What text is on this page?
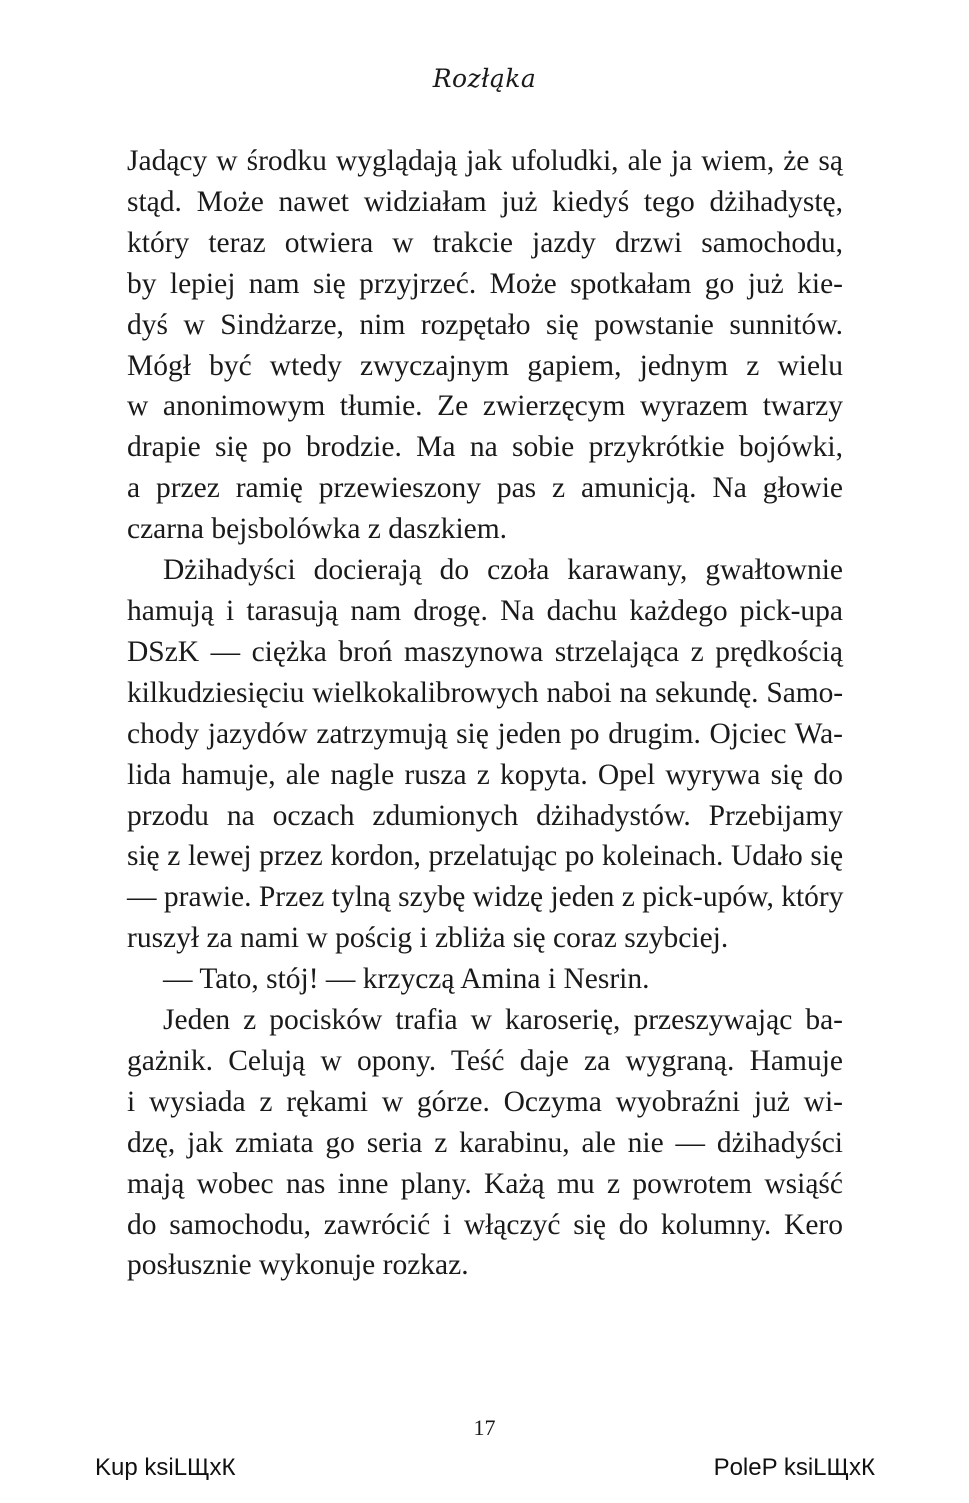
Rozłąka
Jadący w środku wyglądają jak ufoludki, ale ja wiem, że są
stąd. Może nawet widziałam już kiedyś tego dżihadystę,
który teraz otwiera w trakcie jazdy drzwi samochodu,
by lepiej nam się przyjrzeć. Może spotkałam go już kie-
dyś w Sindżarze, nim rozpętało się powstanie sunnitów.
Mógł być wtedy zwyczajnym gapiem, jednym z wielu
w anonimowym tłumie. Ze zwierzęcym wyrazem twarzy
drapie się po brodzie. Ma na sobie przykrótkie bojówki,
a przez ramię przewieszony pas z amunicją. Na głowie
czarna bejsbolówka z daszkiem.
Dżihadyści docierają do czoła karawany, gwałtownie
hamują i tarasują nam drogę. Na dachu każdego pick-upa
DSzK — ciężka broń maszynowa strzelająca z prędkością
kilkudziesięciu wielkokalibrowych naboi na sekundę. Samo-
chody jazydów zatrzymują się jeden po drugim. Ojciec Wa-
lida hamuje, ale nagle rusza z kopyta. Opel wyrywa się do
przodu na oczach zdumionych dżihadystów. Przebijamy
się z lewej przez kordon, przelatując po koleinach. Udało się
— prawie. Przez tylną szybę widzę jeden z pick-upów, który
ruszył za nami w pościg i zbliża się coraz szybciej.
— Tato, stój! — krzyczą Amina i Nesrin.
Jeden z pocisków trafia w karoserię, przeszywając ba-
gażnik. Celują w opony. Teść daje za wygraną. Hamuje
i wysiada z rękami w górze. Oczyma wyobraźni już wi-
dzę, jak zmiata go seria z karabinu, ale nie — dżihadyści
mają wobec nas inne plany. Każą mu z powrotem wsiąść
do samochodu, zawrócić i włączyć się do kolumny. Kero
posłusznie wykonuje rozkaz.
17
Kup ksiLЩхК	PoleP ksiLЩхК
